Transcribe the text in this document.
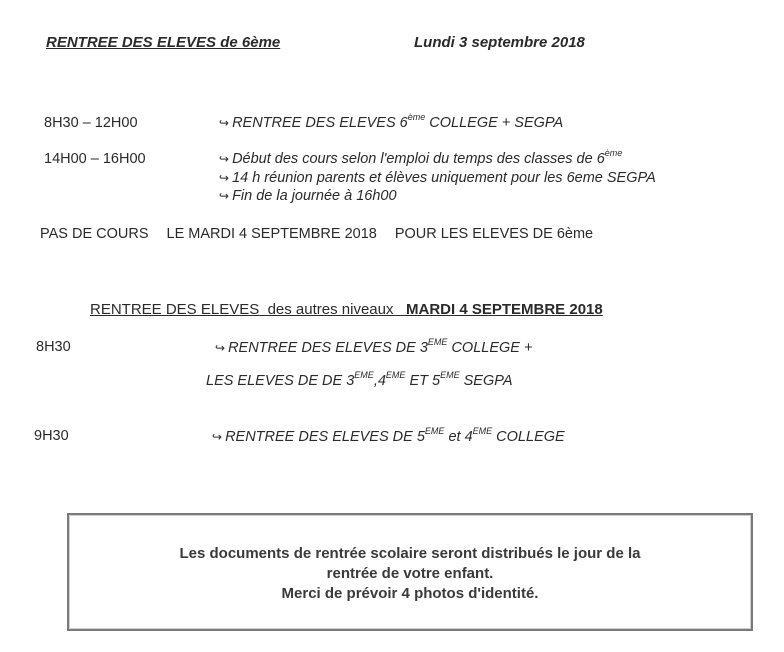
RENTREE DES ELEVES de 6ème	Lundi 3 septembre 2018
8H30 – 12H00	↪ RENTREE DES ELEVES 6ème COLLEGE + SEGPA
14H00 – 16H00	↪ Début des cours selon l'emploi du temps des classes de 6ème
↪ 14 h réunion parents et élèves uniquement pour les 6eme SEGPA
↪ Fin de la journée à 16h00
PAS DE COURS LE MARDI 4 SEPTEMBRE 2018 POUR LES ELEVES DE 6ème
RENTREE DES ELEVES des autres niveaux MARDI 4 SEPTEMBRE 2018
8H30	↪ RENTREE DES ELEVES DE 3EME COLLEGE +
LES ELEVES DE DE 3EME,4EME ET 5EME SEGPA
9H30	↪ RENTREE DES ELEVES DE 5EME et 4EME COLLEGE
Les documents de rentrée scolaire seront distribués le jour de la
rentrée de votre enfant.
Merci de prévoir 4 photos d'identité.
